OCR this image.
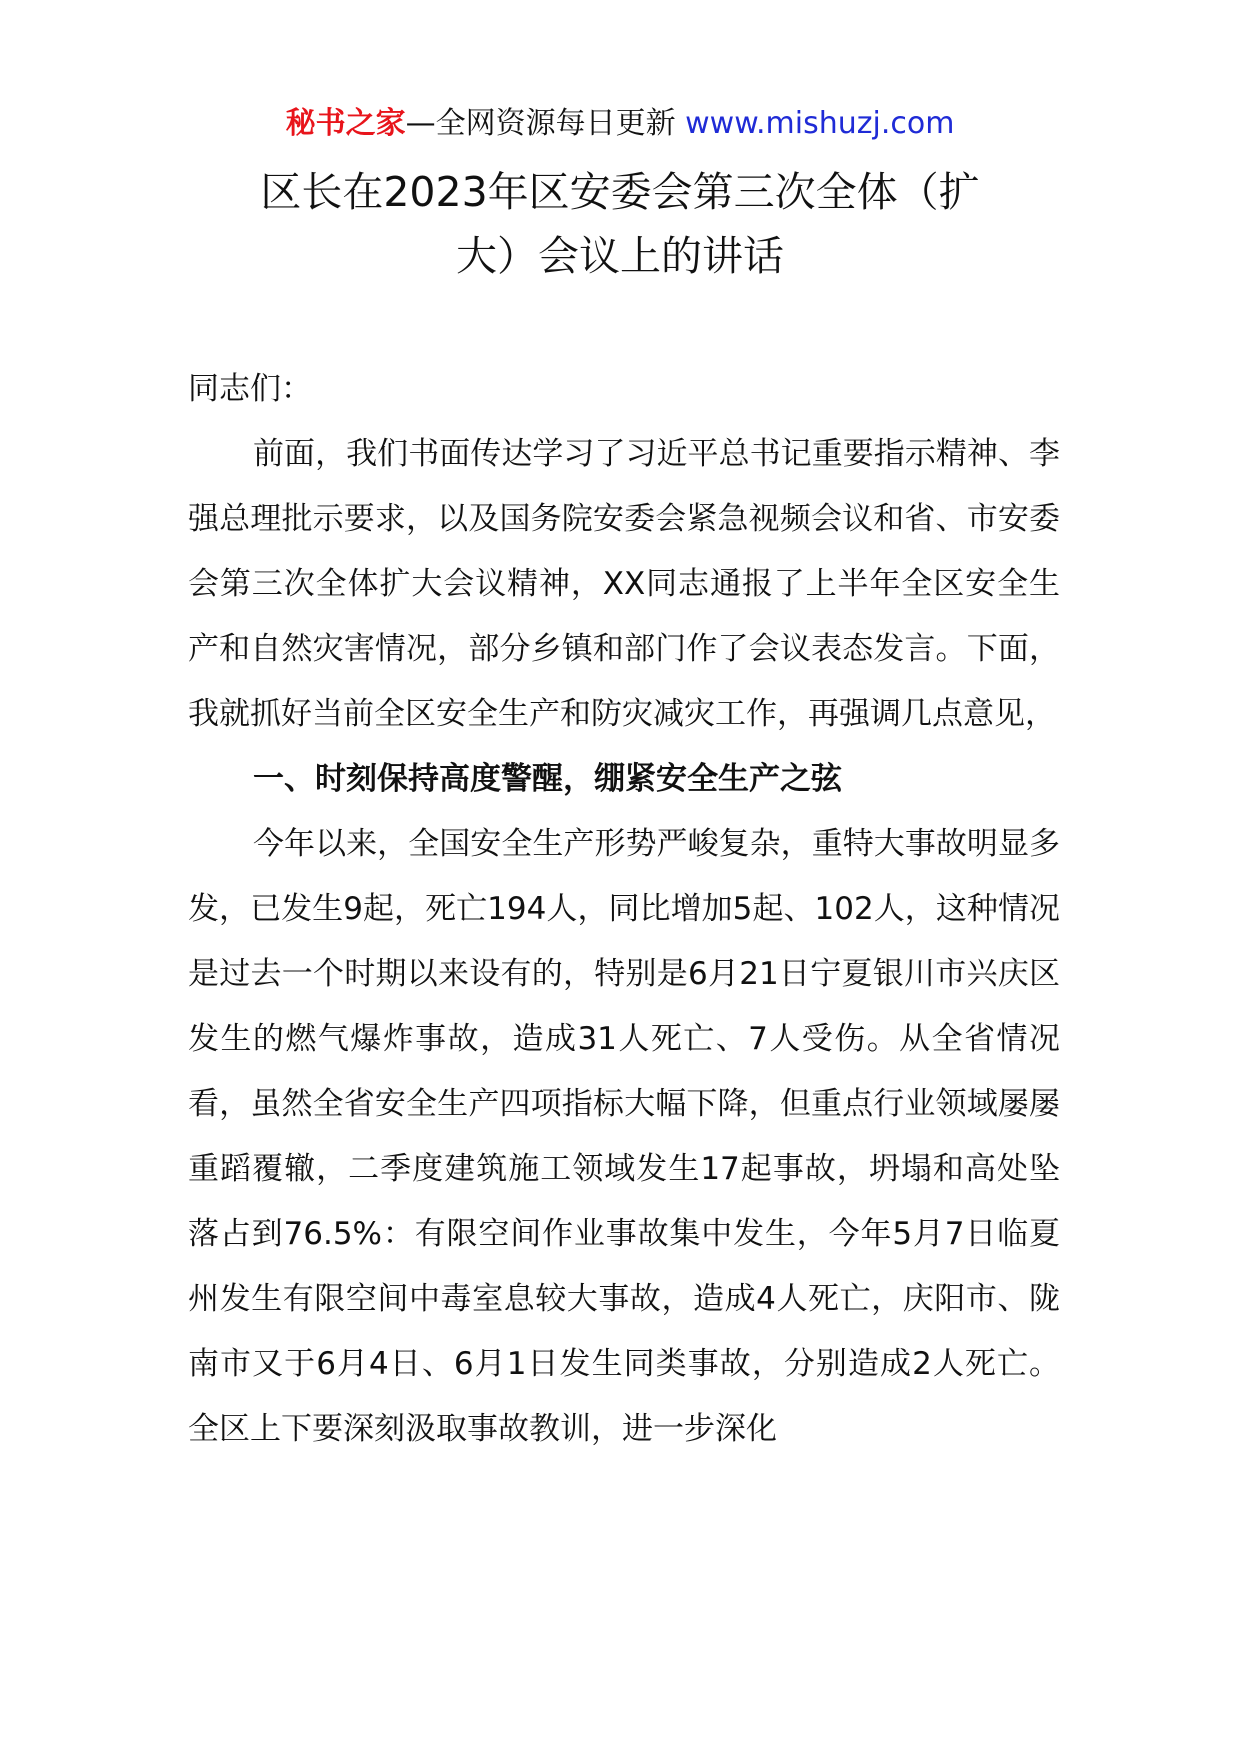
秘书之家—全网资源每日更新 www.mishuzj.com
区长在2023年区安委会第三次全体（扩
大）会议上的讲话

同志们：

前面，我们书面传达学习了习近平总书记重要指示精神、李强总理批示要求，以及国务院安委会紧急视频会议和省、市安委会第三次全体扩大会议精神，XX同志通报了上半年全区安全生产和自然灾害情况，部分乡镇和部门作了会议表态发言。下面，我就抓好当前全区安全生产和防灾减灾工作，再强调几点意见，

一、时刻保持高度警醒，绷紧安全生产之弦

今年以来，全国安全生产形势严峻复杂，重特大事故明显多发，已发生9起，死亡194人，同比增加5起、102人，这种情况是过去一个时期以来设有的，特别是6月21日宁夏银川市兴庆区发生的燃气爆炸事故，造成31人死亡、7人受伤。从全省情况看，虽然全省安全生产四项指标大幅下降，但重点行业领域屡屡重蹈覆辙，二季度建筑施工领域发生17起事故，坍塌和高处坠落占到76.5%：有限空间作业事故集中发生，今年5月7日临夏州发生有限空间中毒室息较大事故，造成4人死亡，庆阳市、陇南市又于6月4日、6月1日发生同类事故，分别造成2人死亡。全区上下要深刻汲取事故教训，进一步深化
